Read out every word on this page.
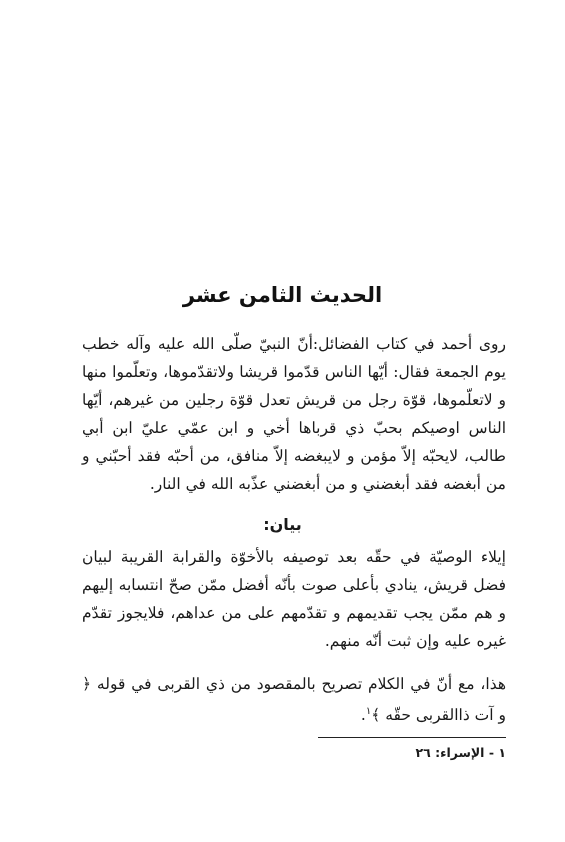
الحديث الثامن عشر

روى أحمد في كتاب الفضائل:أنّ النبيّ صلّى الله عليه وآله خطب يوم الجمعة فقال: أيّها الناس قدّموا قريشا ولاتقدّموها، وتعلّموا منها و لاتعلّموها، قوّة رجل من قريش تعدل قوّة رجلين من غيرهم، أيّها الناس اوصيكم بحبّ ذي قرباها أخي و ابن عمّي عليّ ابن أبي طالب، لايحبّه إلاّ مؤمن و لايبغضه إلاّ منافق، من أحبّه فقد أحبّني و من أبغضه فقد أبغضني و من أبغضني عذّبه الله في النار.

بيان:

إيلاء الوصيّة في حقّه بعد توصيفه بالأخوّة والقرابة القريبة لبيان فضل قريش، ينادي بأعلى صوت بأنّه أفضل ممّن صحّ انتسابه إليهم و هم ممّن يجب تقديمهم و تقدّمهم على من عداهم، فلايجوز تقدّم غيره عليه وإن ثبت أنّه منهم.

هذا، مع أنّ في الكلام تصريح بالمقصود من ذي القربى في قوله ﴿ و آت ذاالقربى حقّه ﴾$^١$.

١ - الإسراء: ٢٦
